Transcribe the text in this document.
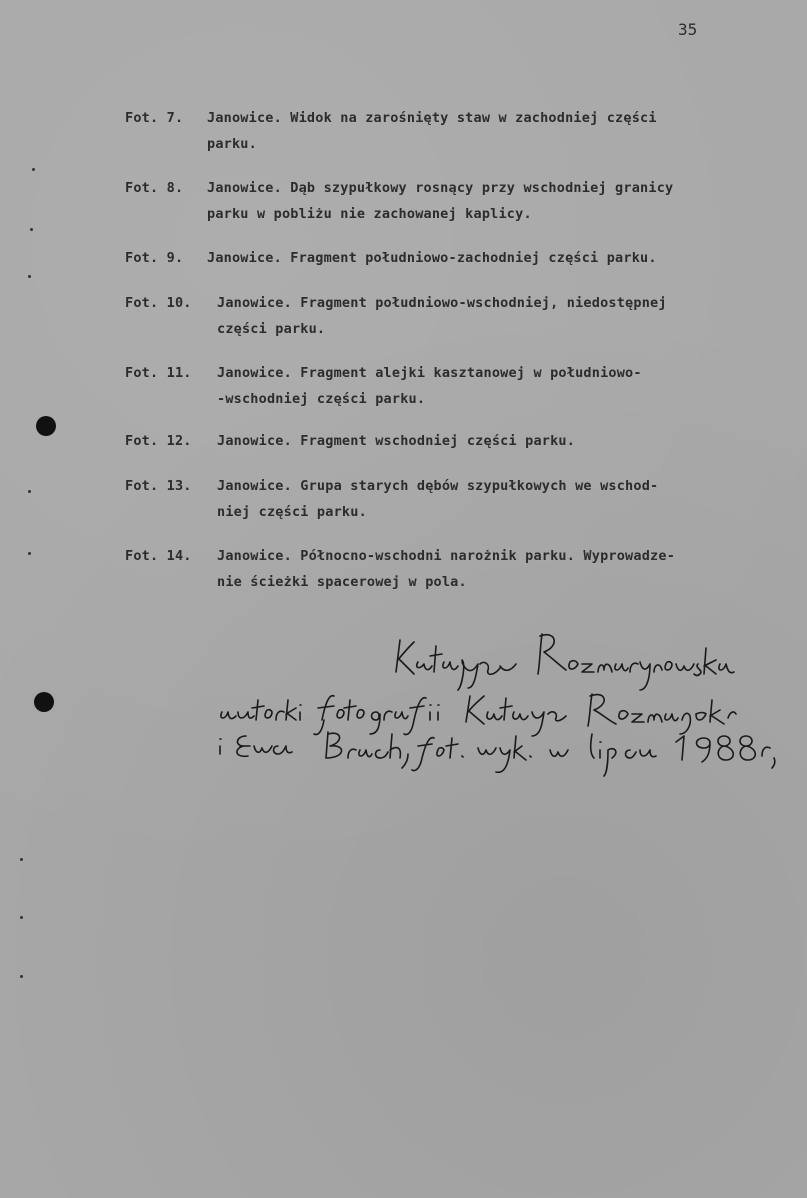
35
Fot. 7. Janowice. Widok na zarośnięty staw w zachodniej części
parku.
Fot. 8. Janowice. Dąb szypułkowy rosnący przy wschodniej granicy
parku w pobliżu nie zachowanej kaplicy.
Fot. 9. Janowice. Fragment południowo-zachodniej części parku.
Fot. 10. Janowice. Fragment południowo-wschodniej, niedostępnej
części parku.
Fot. 11. Janowice. Fragment alejki kasztanowej w południowo-
-wschodniej części parku.
Fot. 12. Janowice. Fragment wschodniej części parku.
Fot. 13. Janowice. Grupa starych dębów szypułkowych we wschod-
niej części parku.
Fot. 14. Janowice. Północno-wschodni narożnik parku. Wyprowadze-
nie ścieżki spacerowej w pola.
